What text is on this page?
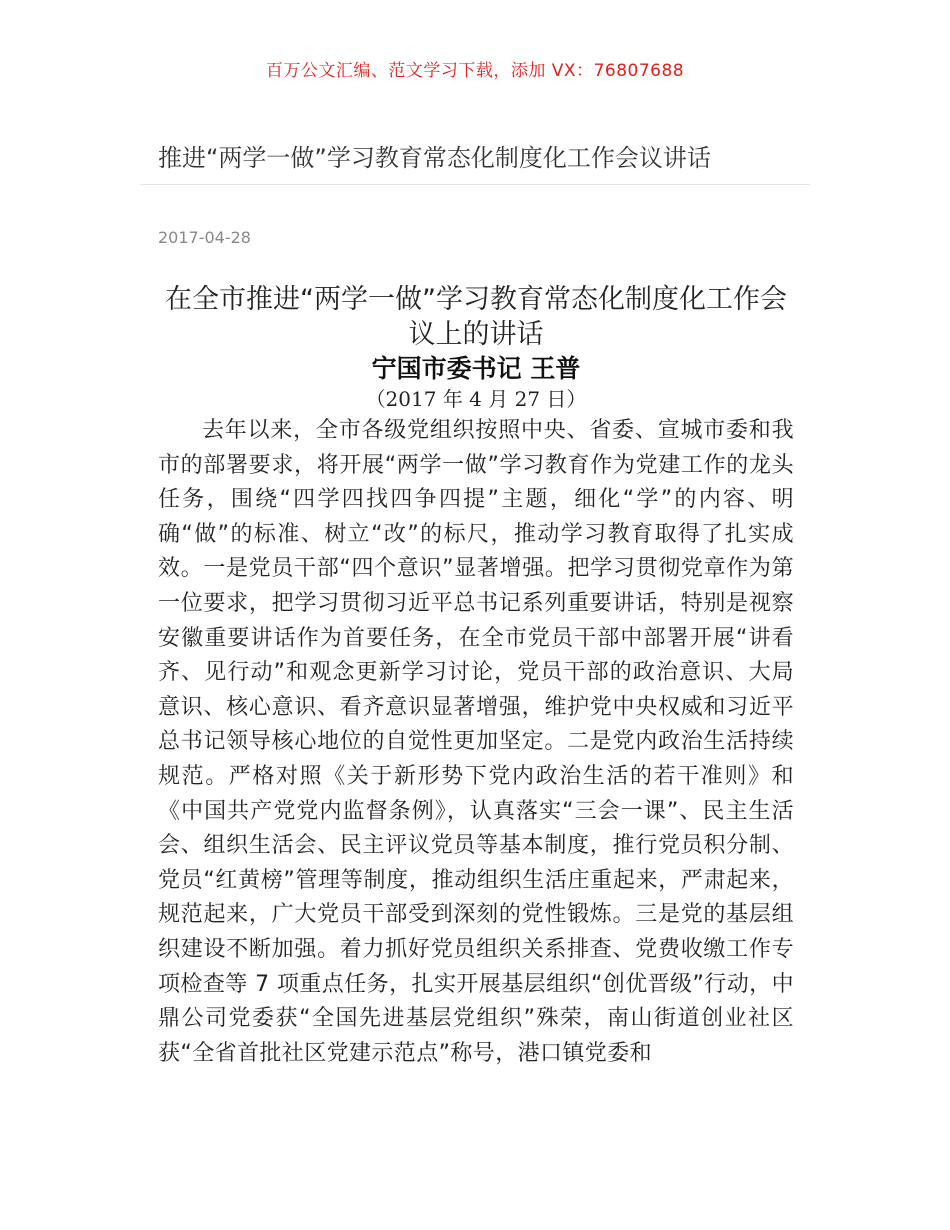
百万公文汇编、范文学习下载，添加 VX：76807688
推进“两学一做”学习教育常态化制度化工作会议讲话
2017-04-28
在全市推进“两学一做”学习教育常态化制度化工作会议上的讲话
宁国市委书记 王普
（2017 年 4 月 27 日）

去年以来，全市各级党组织按照中央、省委、宣城市委和我市的部署要求，将开展“两学一做”学习教育作为党建工作的龙头任务，围绕“四学四找四争四提”主题，细化“学”的内容、明确“做”的标准、树立“改”的标尺，推动学习教育取得了扎实成效。一是党员干部“四个意识”显著增强。把学习贯彻党章作为第一位要求，把学习贯彻习近平总书记系列重要讲话，特别是视察安徽重要讲话作为首要任务，在全市党员干部中部署开展“讲看齐、见行动”和观念更新学习讨论，党员干部的政治意识、大局意识、核心意识、看齐意识显著增强，维护党中央权威和习近平总书记领导核心地位的自觉性更加坚定。二是党内政治生活持续规范。严格对照《关于新形势下党内政治生活的若干准则》和《中国共产党党内监督条例》，认真落实“三会一课”、民主生活会、组织生活会、民主评议党员等基本制度，推行党员积分制、党员“红黄榜”管理等制度，推动组织生活庄重起来，严肃起来，规范起来，广大党员干部受到深刻的党性锻炼。三是党的基层组织建设不断加强。着力抓好党员组织关系排查、党费收缴工作专项检查等 7 项重点任务，扎实开展基层组织“创优晋级”行动，中鼎公司党委获“全国先进基层党组织”殊荣，南山街道创业社区获“全省首批社区党建示范点”称号，港口镇党委和
